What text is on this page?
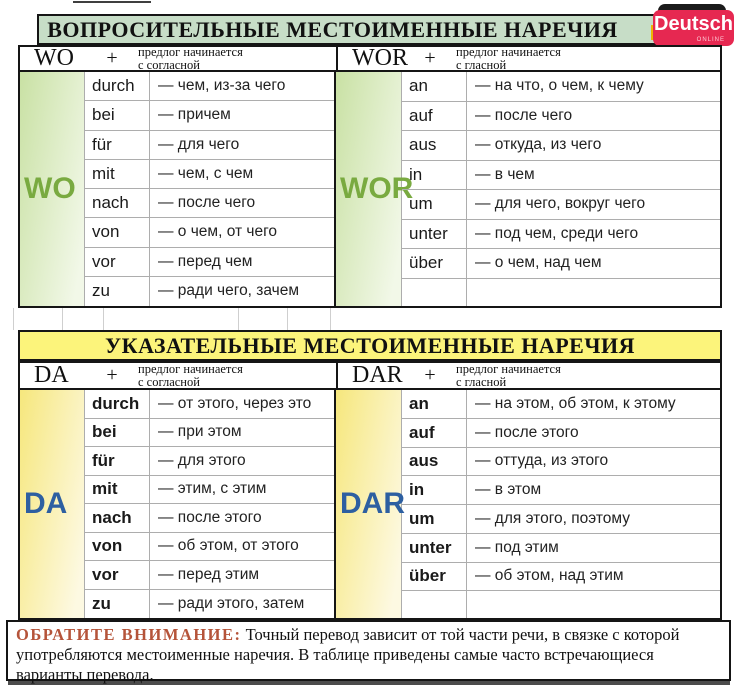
ВОПРОСИТЕЛЬНЫЕ МЕСТОИМЕННЫЕ НАРЕЧИЯ Deutsch
ONLINE
WO	+	предлог начинается
с согласной	WOR +	предлог начинается
с гласной
WO
durch	— чем, из-за чего
bei	— причем
für	— для чего
mit	— чем, с чем
nach	— после чего
von	— о чем, от чего
vor	— перед чем
zu	— ради чего, зачем
WOR
an	— на что, о чем, к чему
auf	— после чего
aus	— откуда, из чего
in	— в чем
um	— для чего, вокруг чего
unter	— под чем, среди чего
über	— о чем, над чем
УКАЗАТЕЛЬНЫЕ МЕСТОИМЕННЫЕ НАРЕЧИЯ
DA	+	предлог начинается
с согласной	DAR	+	предлог начинается
с гласной
DA
durch	— от этого, через это
bei	— при этом
für	— для этого
mit	— этим, с этим
nach	— после этого
von	— об этом, от этого
vor	— перед этим
zu	— ради этого, затем
DAR
an	— на этом, об этом, к этому
auf	— после этого
aus	— оттуда, из этого
in	— в этом
um	— для этого, поэтому
unter	— под этим
über	— об этом, над этим
ОБРАТИТЕ ВНИМАНИЕ: Точный перевод зависит от той части речи, в связке с которой употребляются местоименные наречия. В таблице приведены самые часто встречающиеся варианты перевода.
